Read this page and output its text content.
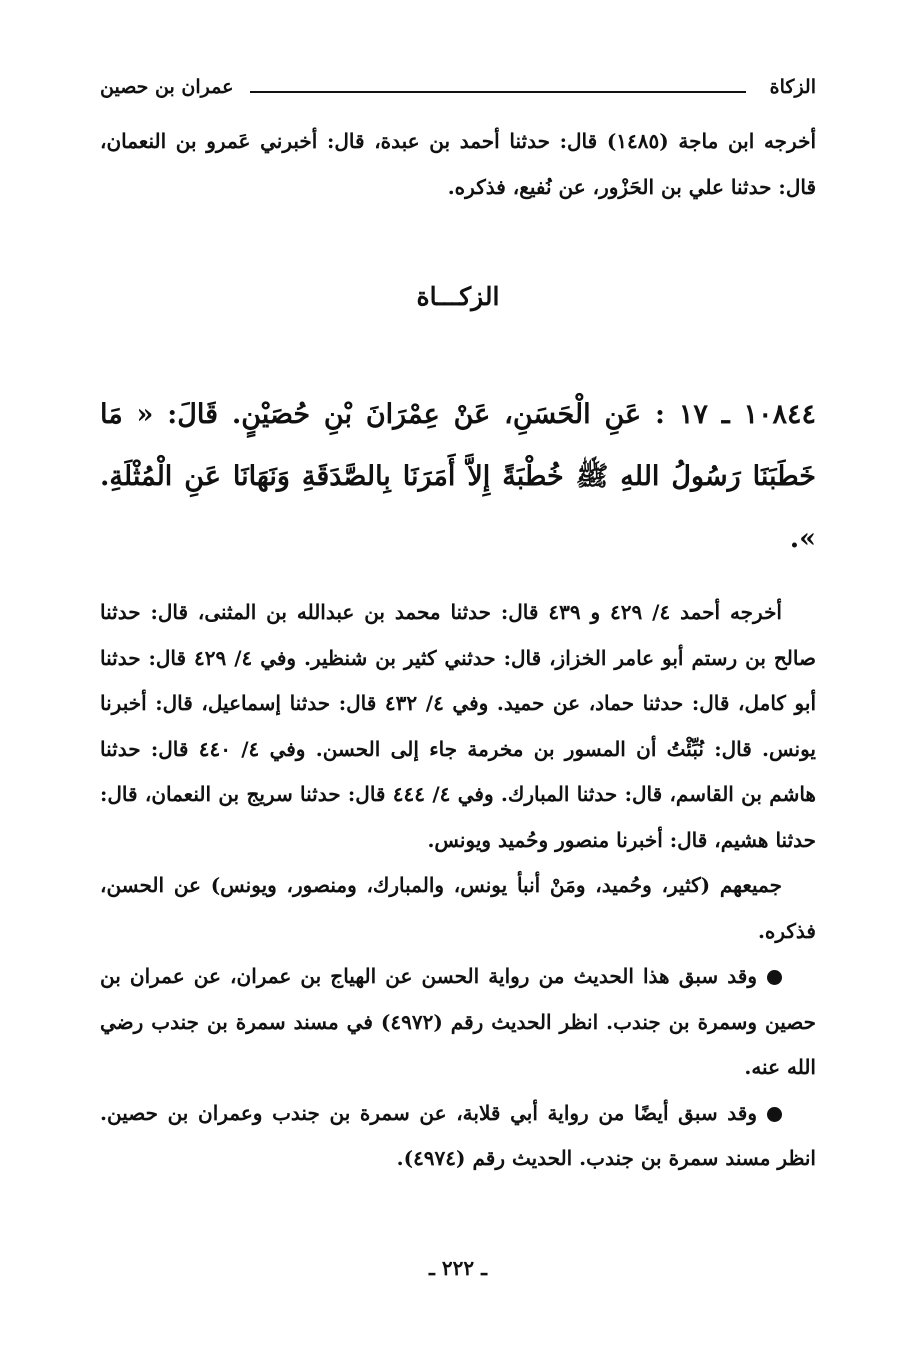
الزكاة
عمران بن حصين
أخرجه ابن ماجة (١٤٨٥) قال: حدثنا أحمد بن عبدة، قال: أخبرني عَمرو بن النعمان، قال: حدثنا علي بن الحَزْور، عن نُفيع، فذكره.
الزكـــاة
١٠٨٤٤ ـ ١٧ : عَنِ الْحَسَنِ، عَنْ عِمْرَانَ بْنِ حُصَيْنٍ. قَالَ: « مَا خَطَبَنَا رَسُولُ اللهِ ﷺ خُطْبَةً إِلاَّ أَمَرَنَا بِالصَّدَقَةِ وَنَهَانَا عَنِ الْمُثْلَةِ. ».

أخرجه أحمد ٤/ ٤٢٩ و ٤٣٩ قال: حدثنا محمد بن عبدالله بن المثنى، قال: حدثنا صالح بن رستم أبو عامر الخزاز، قال: حدثني كثير بن شنظير. وفي ٤/ ٤٢٩ قال: حدثنا أبو كامل، قال: حدثنا حماد، عن حميد. وفي ٤/ ٤٣٢ قال: حدثنا إسماعيل، قال: أخبرنا يونس. قال: نُبِّئْتُ أن المسور بن مخرمة جاء إلى الحسن. وفي ٤/ ٤٤٠ قال: حدثنا هاشم بن القاسم، قال: حدثنا المبارك. وفي ٤/ ٤٤٤ قال: حدثنا سريج بن النعمان، قال: حدثنا هشيم، قال: أخبرنا منصور وحُميد ويونس.

جميعهم (كثير، وحُميد، ومَنْ أنبأ يونس، والمبارك، ومنصور، ويونس) عن الحسن، فذكره.

وقد سبق هذا الحديث من رواية الحسن عن الهياج بن عمران، عن عمران بن حصين وسمرة بن جندب. انظر الحديث رقم (٤٩٧٢) في مسند سمرة بن جندب رضي الله عنه.

وقد سبق أيضًا من رواية أبي قلابة، عن سمرة بن جندب وعمران بن حصين. انظر مسند سمرة بن جندب. الحديث رقم (٤٩٧٤).

ـ ٢٢٢ ـ
